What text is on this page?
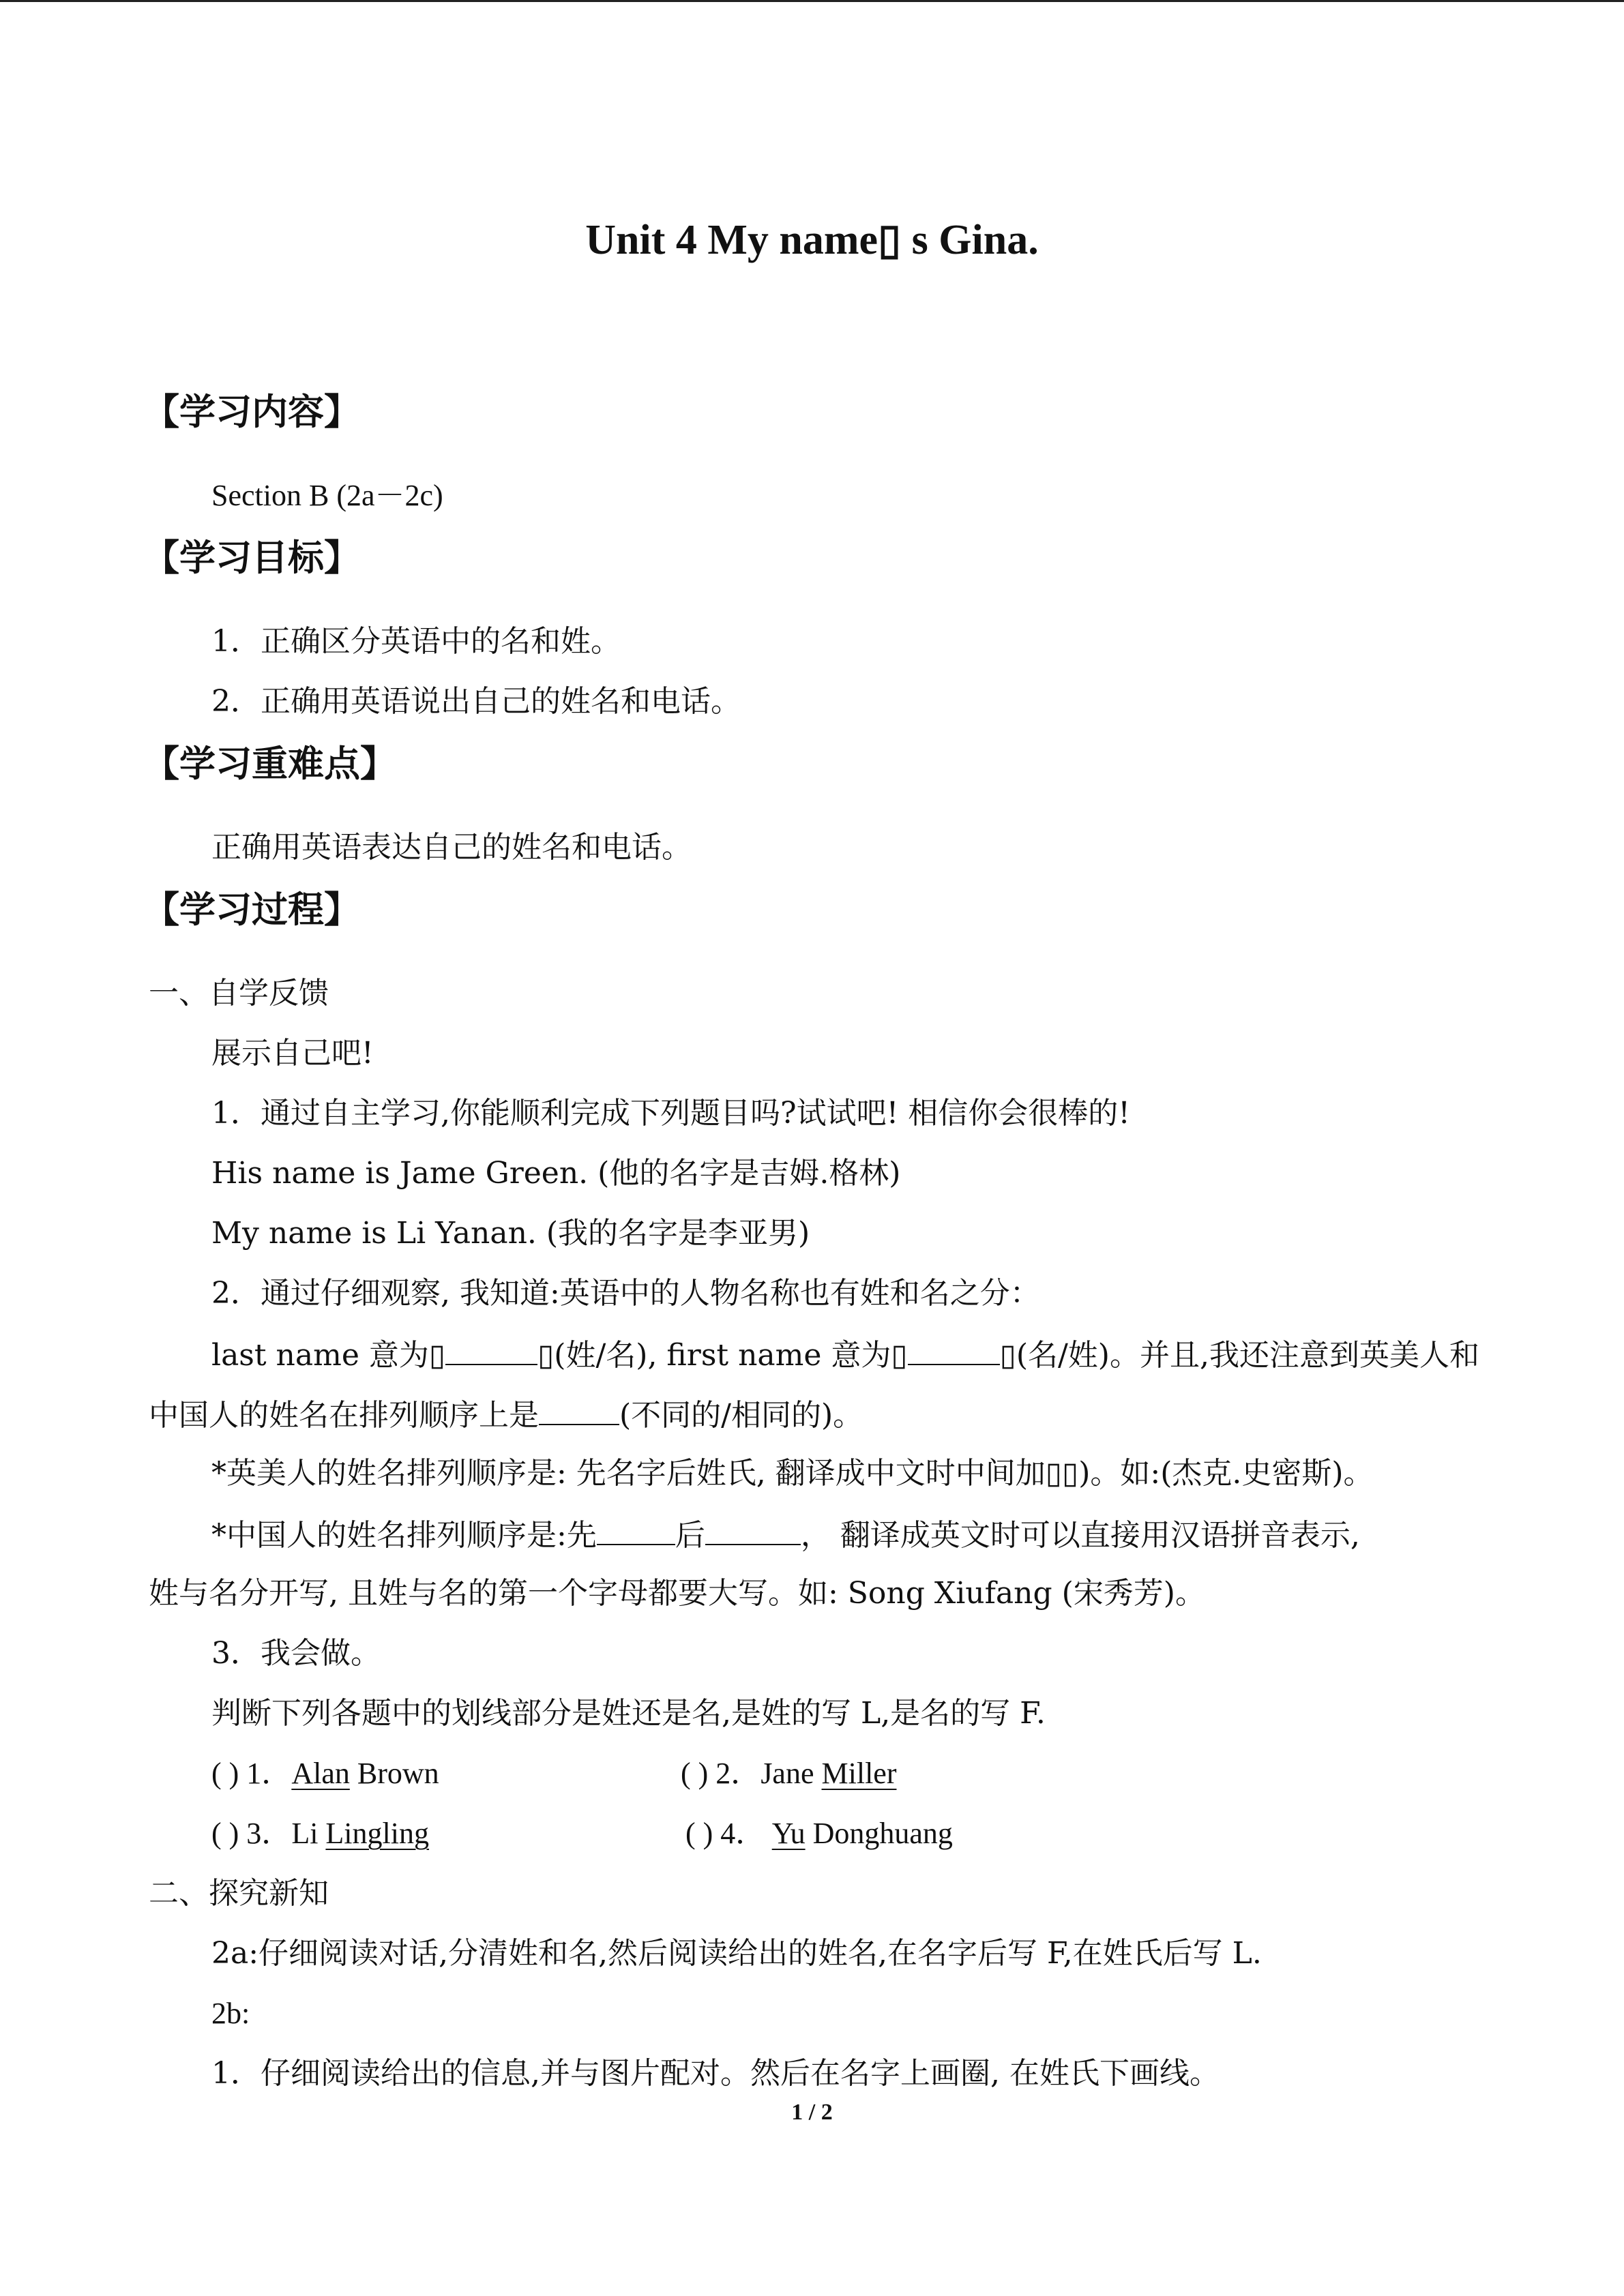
Unit 4 My name▯ s Gina.
【学习内容】
Section B (2a－2c)
【学习目标】
1．正确区分英语中的名和姓。
2．正确用英语说出自己的姓名和电话。
【学习重难点】
正确用英语表达自己的姓名和电话。
【学习过程】
一、自学反馈
展示自己吧!
1．通过自主学习,你能顺利完成下列题目吗?试试吧! 相信你会很棒的!
His name is Jame Green. (他的名字是吉姆.格林)
My name is Li Yanan. (我的名字是李亚男)
2．通过仔细观察, 我知道:英语中的人物名称也有姓和名之分：
last name 意为▯	▯(姓/名), first name 意为▯	▯(名/姓)。并且,我还注意到英美人和
中国人的姓名在排列顺序上是	(不同的/相同的)。
*英美人的姓名排列顺序是: 先名字后姓氏, 翻译成中文时中间加▯▯)。如:(杰克.史密斯)。
*中国人的姓名排列顺序是:先	后	， 翻译成英文时可以直接用汉语拼音表示,
姓与名分开写, 且姓与名的第一个字母都要大写。如: Song Xiufang (宋秀芳)。
3．我会做。
判断下列各题中的划线部分是姓还是名,是姓的写 L,是名的写 F.
( ) 1．Alan Brown	( ) 2．Jane Miller
( ) 3．Li Lingling	( ) 4． Yu Donghuang
二、探究新知
2a:仔细阅读对话,分清姓和名,然后阅读给出的姓名,在名字后写 F,在姓氏后写 L.
2b:
1．仔细阅读给出的信息,并与图片配对。然后在名字上画圈, 在姓氏下画线。
1 / 2
